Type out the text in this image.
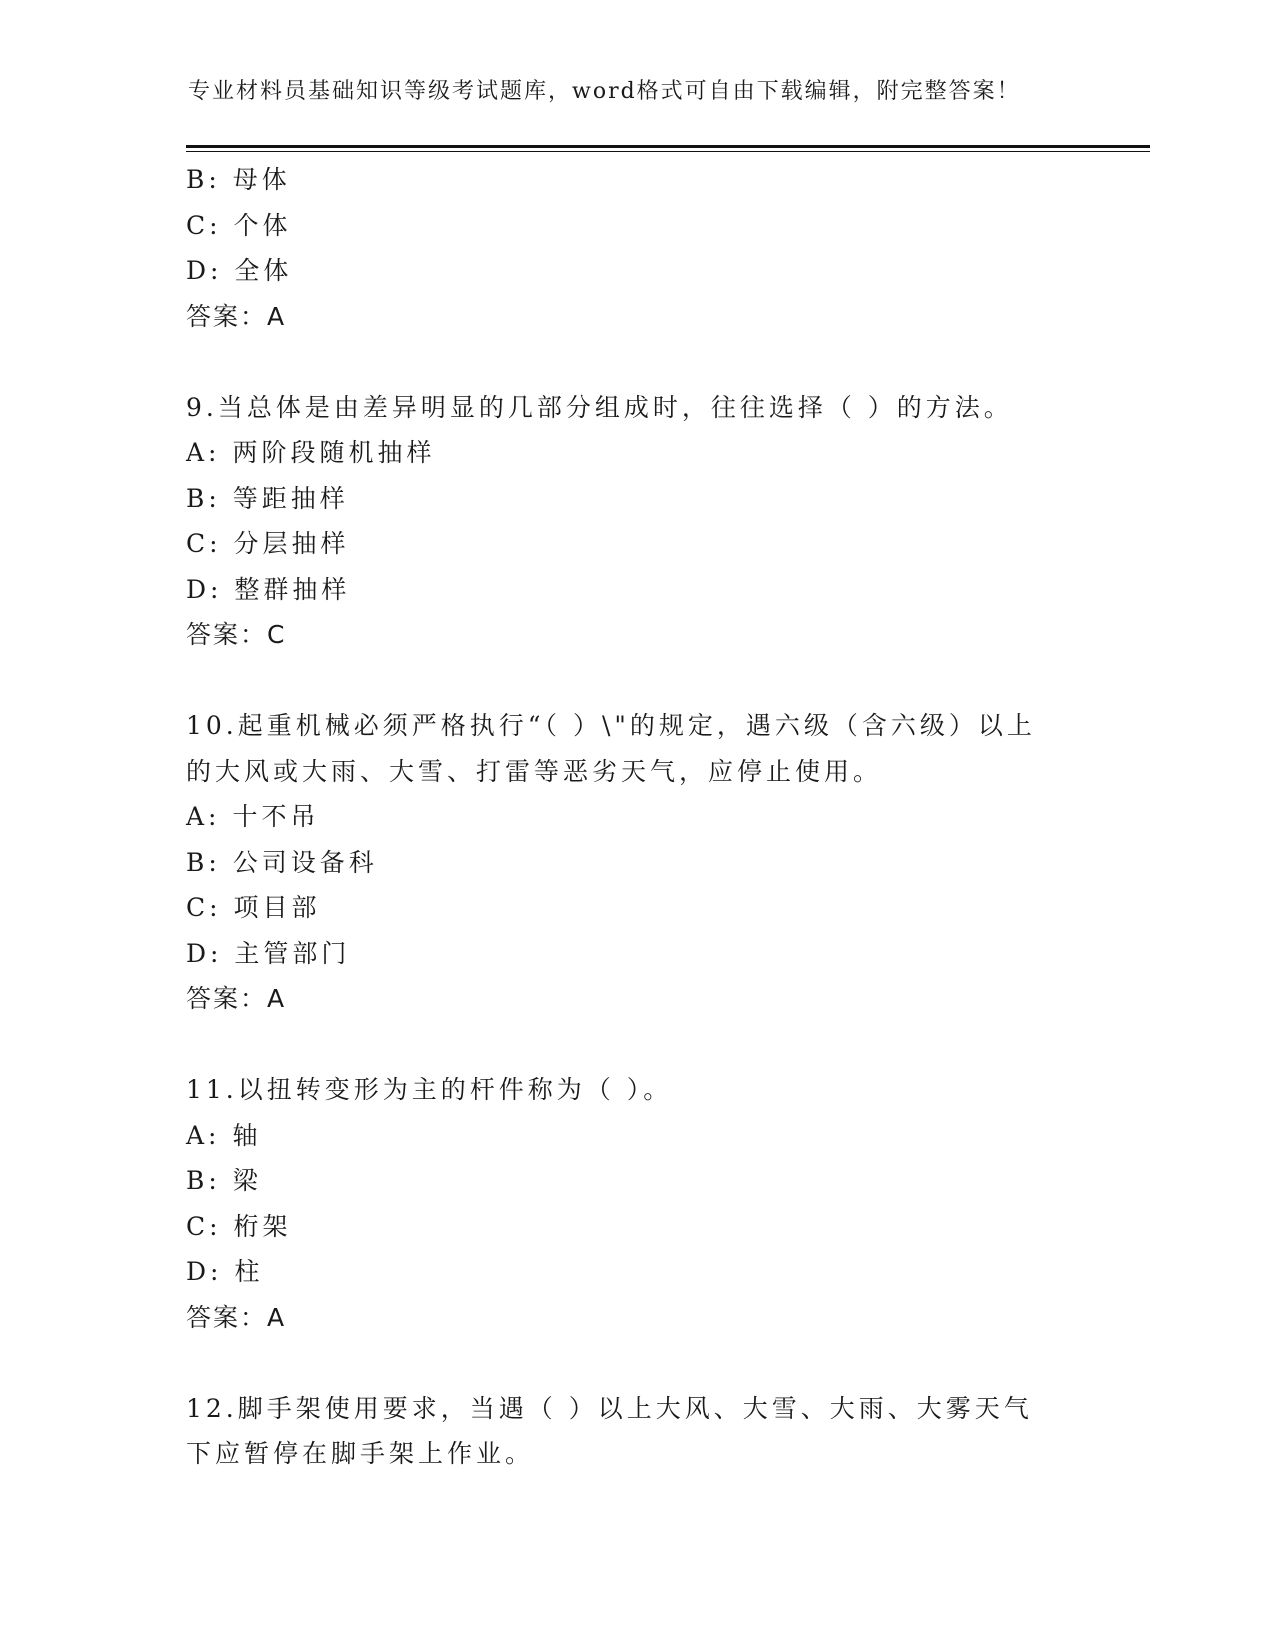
专业材料员基础知识等级考试题库，word格式可自由下载编辑，附完整答案！
B: 母体
C: 个体
D: 全体
答案：A
9.当总体是由差异明显的几部分组成时，往往选择（ ）的方法。
A: 两阶段随机抽样
B: 等距抽样
C: 分层抽样
D: 整群抽样
答案：C
10.起重机械必须严格执行“（ ）\"的规定，遇六级（含六级）以上
的大风或大雨、大雪、打雷等恶劣天气，应停止使用。
A: 十不吊
B: 公司设备科
C: 项目部
D: 主管部门
答案：A
11.以扭转变形为主的杆件称为（ ）。
A: 轴
B: 梁
C: 桁架
D: 柱
答案：A
12.脚手架使用要求，当遇（ ）以上大风、大雪、大雨、大雾天气
下应暂停在脚手架上作业。
